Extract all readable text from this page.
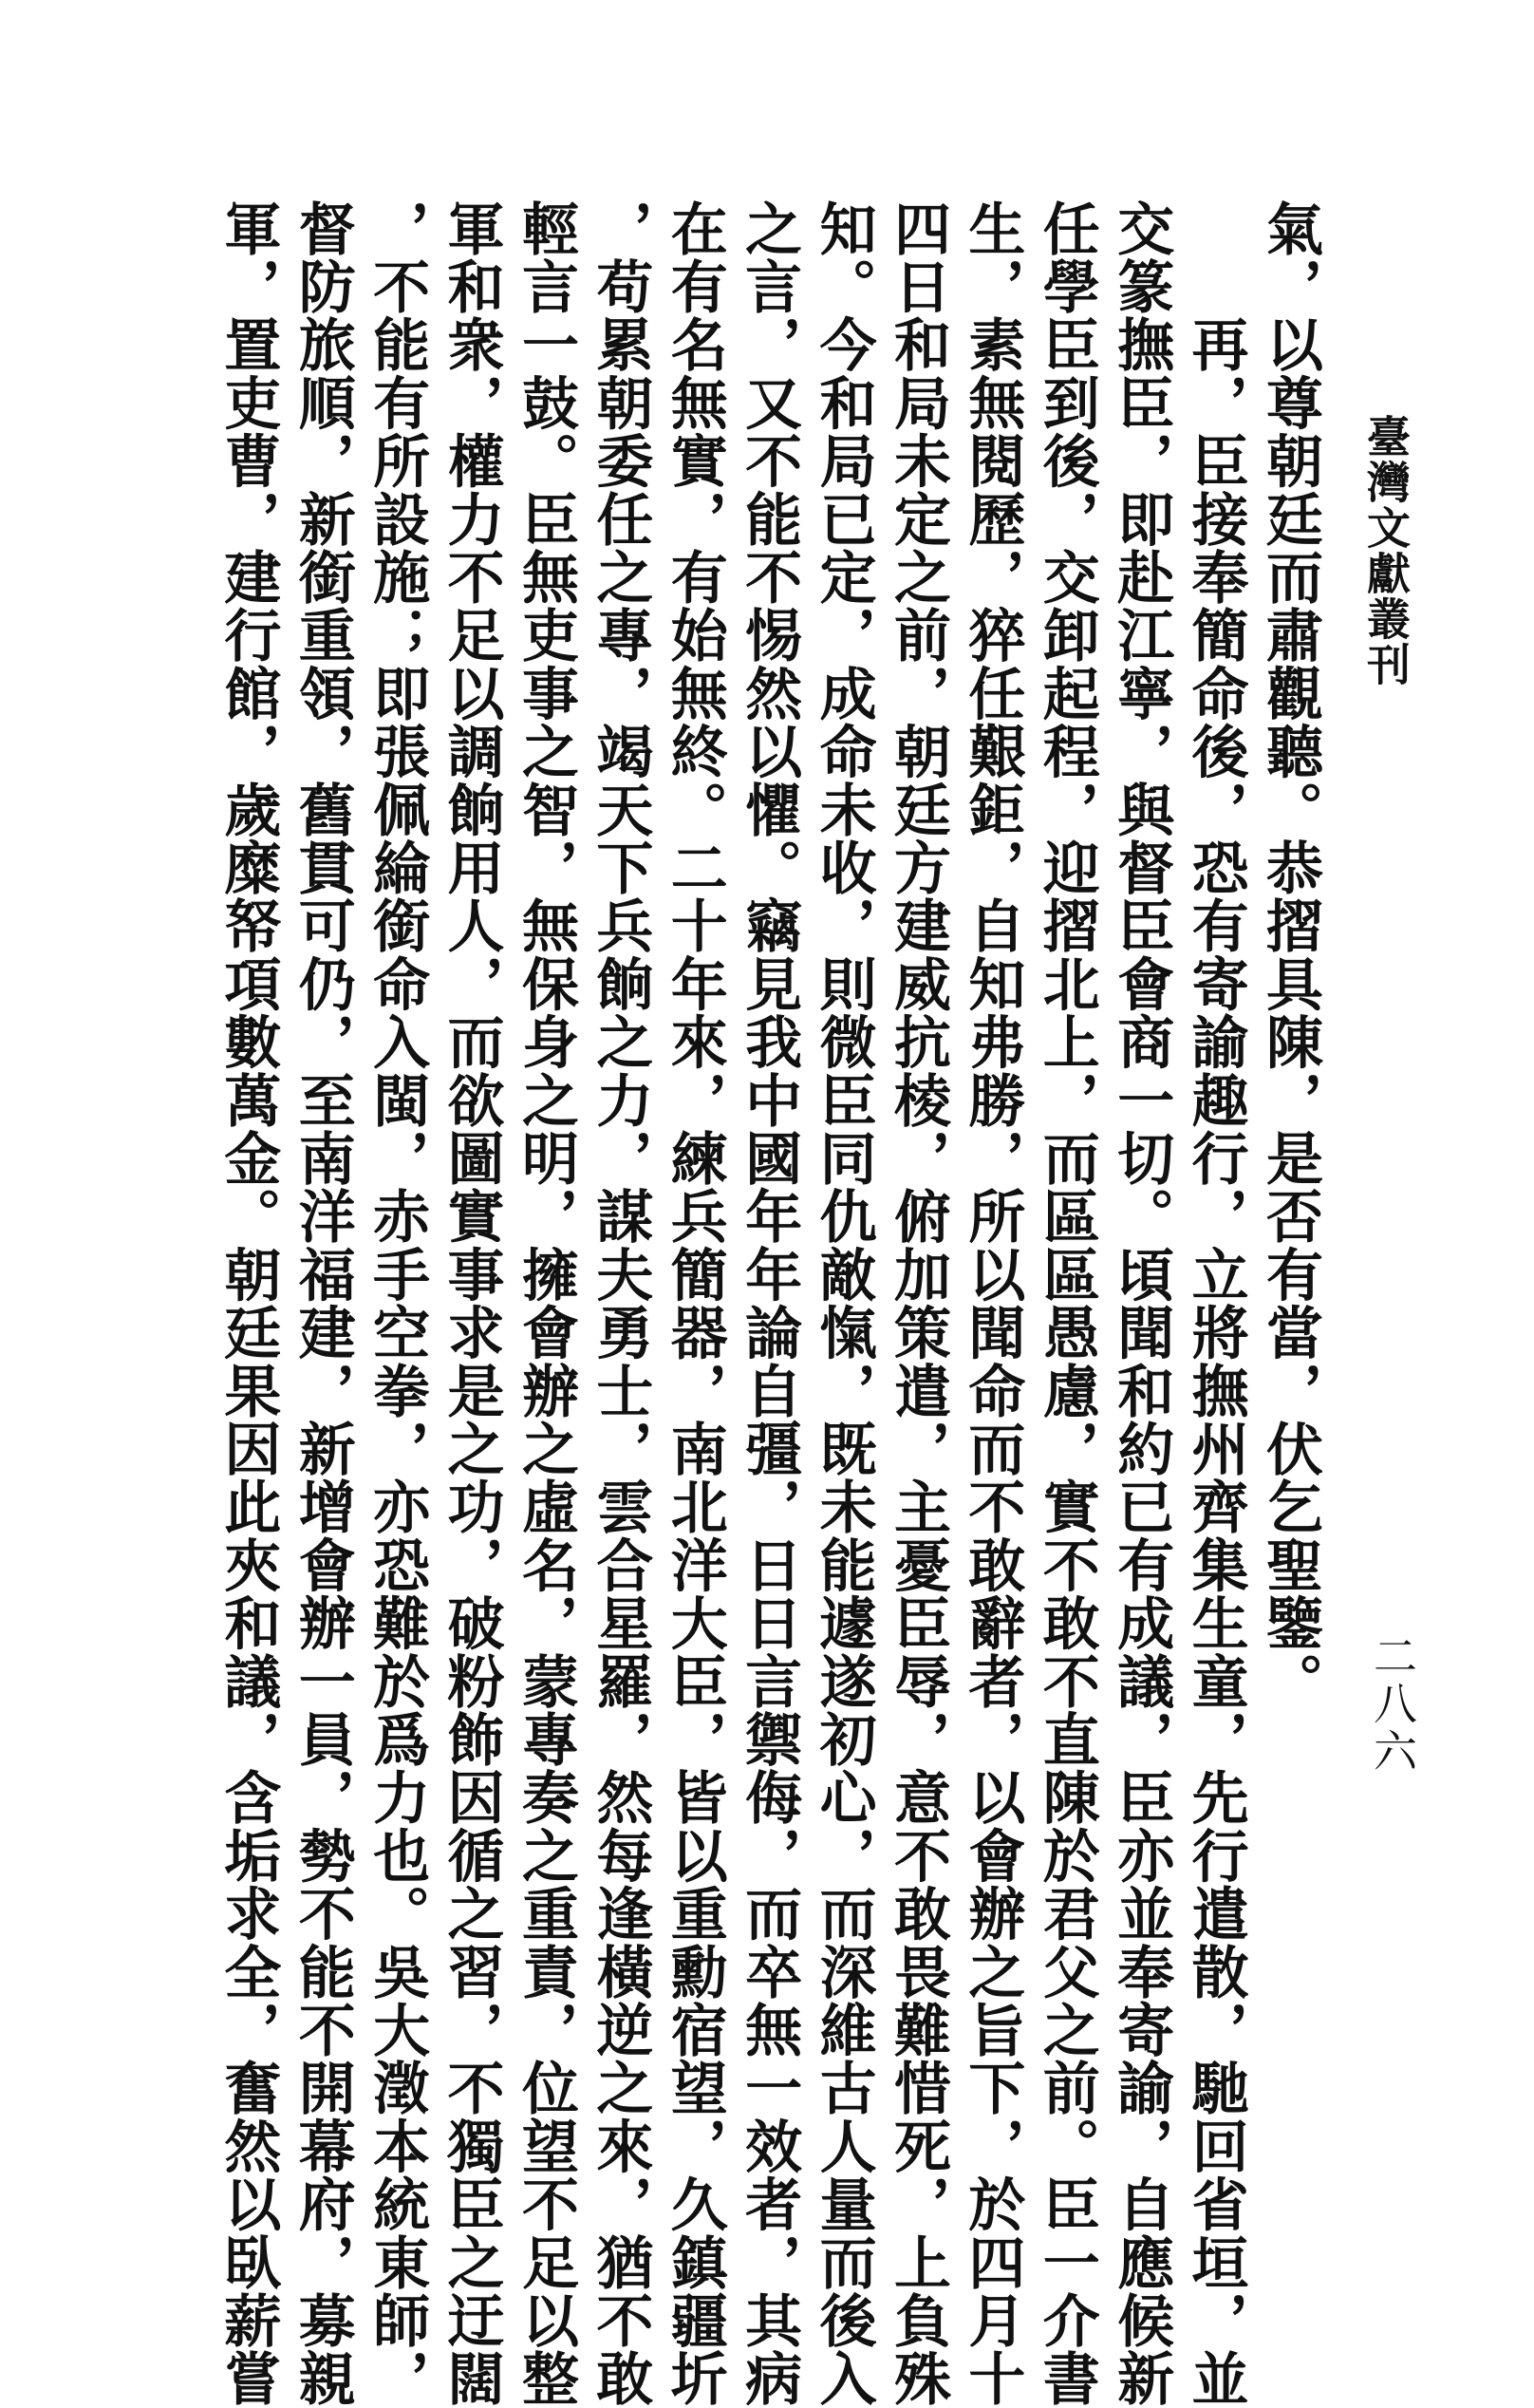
臺灣文獻叢刊
二八六
氣，以尊朝廷而肅觀聽。恭摺具陳，是否有當，伏乞聖鑒。
　　再，臣接奉簡命後，恐有寄諭趣行，立將撫州齊集生童，先行遣散，馳回省垣，並
交篆撫臣，即赴江寧，與督臣會商一切。頃聞和約已有成議，臣亦並奉寄諭，自應候新
任學臣到後，交卸起程，迎摺北上，而區區愚慮，實不敢不直陳於君父之前。臣一介書
生，素無閱歷，猝任艱鉅，自知弗勝，所以聞命而不敢辭者，以會辦之旨下，於四月十
四日和局未定之前，朝廷方建威抗棱，俯加策遣，主憂臣辱，意不敢畏難惜死，上負殊
知。今和局已定，成命未收，則微臣同仇敵愾，既未能遽遂初心，而深維古人量而後入
之言，又不能不惕然以懼。竊見我中國年年論自彊，日日言禦侮，而卒無一效者，其病
在有名無實，有始無終。二十年來，練兵簡器，南北洋大臣，皆以重勳宿望，久鎮疆圻
，苟累朝委任之專，竭天下兵餉之力，謀夫勇士，雲合星羅，然每逢橫逆之來，猶不敢
輕言一鼓。臣無吏事之智，無保身之明，擁會辦之虛名，蒙專奏之重責，位望不足以整
軍和衆，權力不足以調餉用人，而欲圖實事求是之功，破粉飾因循之習，不獨臣之迂闊
，不能有所設施；即張佩綸銜命入閩，赤手空拳，亦恐難於爲力也。吳大澂本統東師，
督防旅順，新銜重領，舊貫可仍，至南洋福建，新增會辦一員，勢不能不開幕府，募親
軍，置吏曹，建行館，歲糜帑項數萬金。朝廷果因此夾和議，含垢求全，奮然以臥薪嘗
